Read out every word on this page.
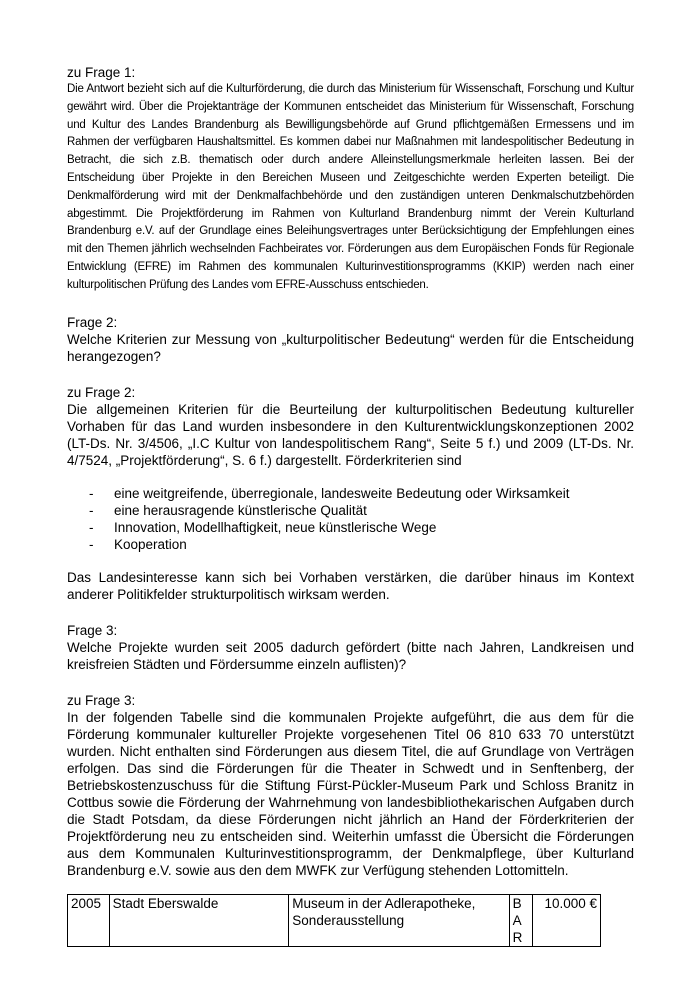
zu Frage 1:

Die Antwort bezieht sich auf die Kulturförderung, die durch das Ministerium für Wissenschaft, Forschung und Kultur gewährt wird. Über die Projektanträge der Kommunen entscheidet das Ministerium für Wissenschaft, Forschung und Kultur des Landes Brandenburg als Bewilligungsbehörde auf Grund pflichtgemäßen Ermessens und im Rahmen der verfügbaren Haushaltsmittel. Es kommen dabei nur Maßnahmen mit landespolitischer Bedeutung in Betracht, die sich z.B. thematisch oder durch andere Alleinstellungsmerkmale herleiten lassen. Bei der Entscheidung über Projekte in den Bereichen Museen und Zeitgeschichte werden Experten beteiligt. Die Denkmalförderung wird mit der Denkmalfachbehörde und den zuständigen unteren Denkmalschutzbehörden abgestimmt. Die Projektförderung im Rahmen von Kulturland Brandenburg nimmt der Verein Kulturland Brandenburg e.V. auf der Grundlage eines Beleihungsvertrages unter Berücksichtigung der Empfehlungen eines mit den Themen jährlich wechselnden Fachbeirates vor. Förderungen aus dem Europäischen Fonds für Regionale Entwicklung (EFRE) im Rahmen des kommunalen Kulturinvestitionsprogramms (KKIP) werden nach einer kulturpolitischen Prüfung des Landes vom EFRE-Ausschuss entschieden.

Frage 2:

Welche Kriterien zur Messung von „kulturpolitischer Bedeutung“ werden für die Entscheidung herangezogen?

zu Frage 2:

Die allgemeinen Kriterien für die Beurteilung der kulturpolitischen Bedeutung kultureller Vorhaben für das Land wurden insbesondere in den Kulturentwicklungskonzeptionen 2002 (LT-Ds. Nr. 3/4506, „I.C Kultur von landespolitischem Rang“, Seite 5 f.) und 2009 (LT-Ds. Nr. 4/7524, „Projektförderung“, S. 6 f.) dargestellt. Förderkriterien sind

- eine weitgreifende, überregionale, landesweite Bedeutung oder Wirksamkeit
- eine herausragende künstlerische Qualität
- Innovation, Modellhaftigkeit, neue künstlerische Wege
- Kooperation

Das Landesinteresse kann sich bei Vorhaben verstärken, die darüber hinaus im Kontext anderer Politikfelder strukturpolitisch wirksam werden.

Frage 3:

Welche Projekte wurden seit 2005 dadurch gefördert (bitte nach Jahren, Landkreisen und kreisfreien Städten und Fördersumme einzeln auflisten)?

zu Frage 3:

In der folgenden Tabelle sind die kommunalen Projekte aufgeführt, die aus dem für die Förderung kommunaler kultureller Projekte vorgesehenen Titel 06 810 633 70 unterstützt wurden. Nicht enthalten sind Förderungen aus diesem Titel, die auf Grundlage von Verträgen erfolgen. Das sind die Förderungen für die Theater in Schwedt und in Senftenberg, der Betriebskostenzuschuss für die Stiftung Fürst-Pückler-Museum Park und Schloss Branitz in Cottbus sowie die Förderung der Wahrnehmung von landesbibliothekarischen Aufgaben durch die Stadt Potsdam, da diese Förderungen nicht jährlich an Hand der Förderkriterien der Projektförderung neu zu entscheiden sind. Weiterhin umfasst die Übersicht die Förderungen aus dem Kommunalen Kulturinvestitionsprogramm, der Denkmalpflege, über Kulturland Brandenburg e.V. sowie aus den dem MWFK zur Verfügung stehenden Lottomitteln.

2005	Stadt Eberswalde	Museum in der Adlerapotheke, Sonderausstellung	BAR	10.000 €
